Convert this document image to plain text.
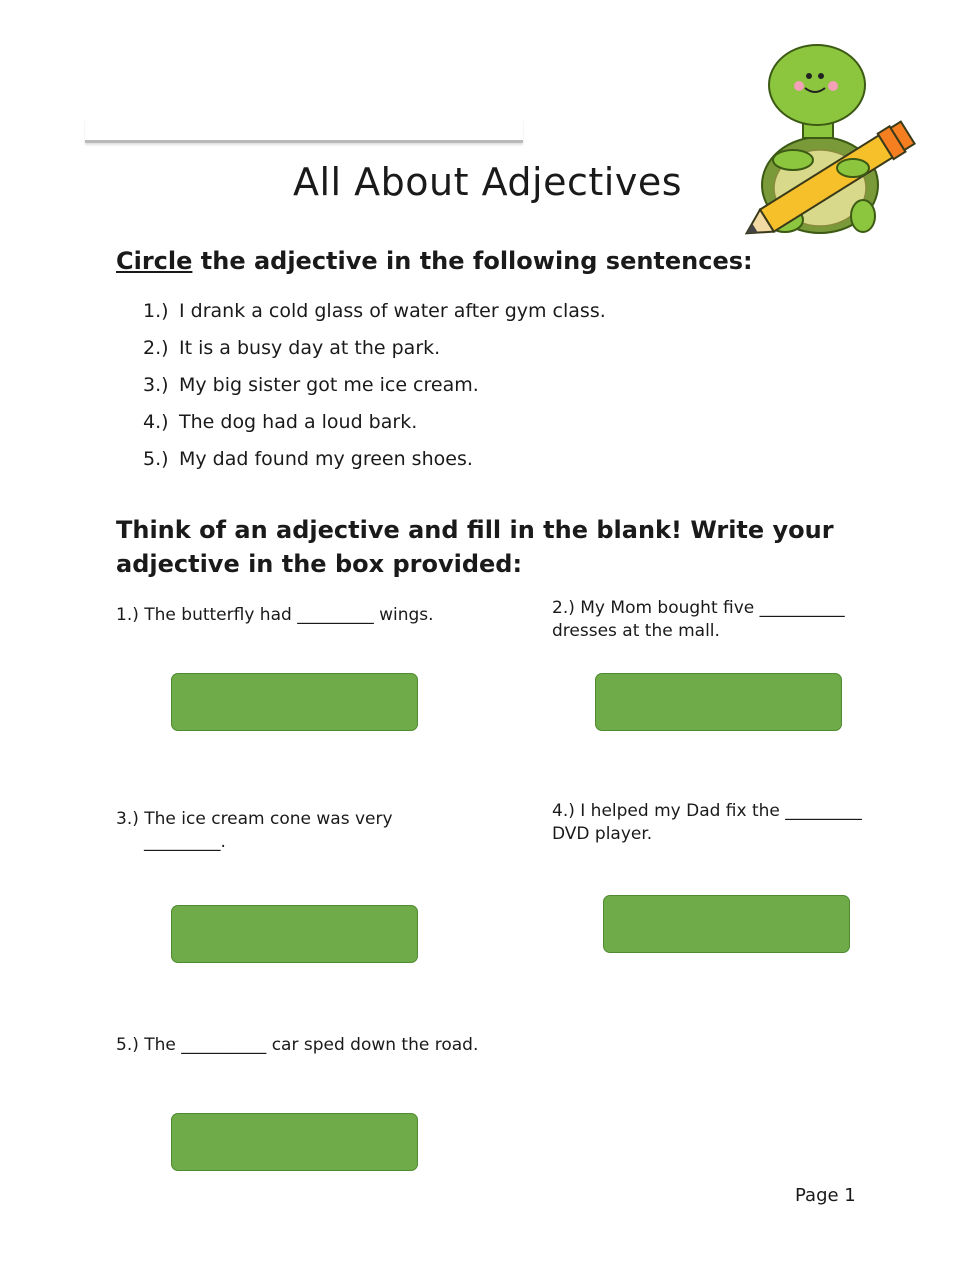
All About Adjectives
Circle the adjective in the following sentences:
1.) I drank a cold glass of water after gym class.
2.) It is a busy day at the park.
3.) My big sister got me ice cream.
4.) The dog had a loud bark.
5.) My dad found my green shoes.
Think of an adjective and fill in the blank! Write your
adjective in the box provided:
1.) The butterfly had _________ wings.	2.) My Mom bought five __________
dresses at the mall.
3.) The ice cream cone was very
_________.
4.) I helped my Dad fix the _________
DVD player.
5.) The __________ car sped down the road.
Page 1
